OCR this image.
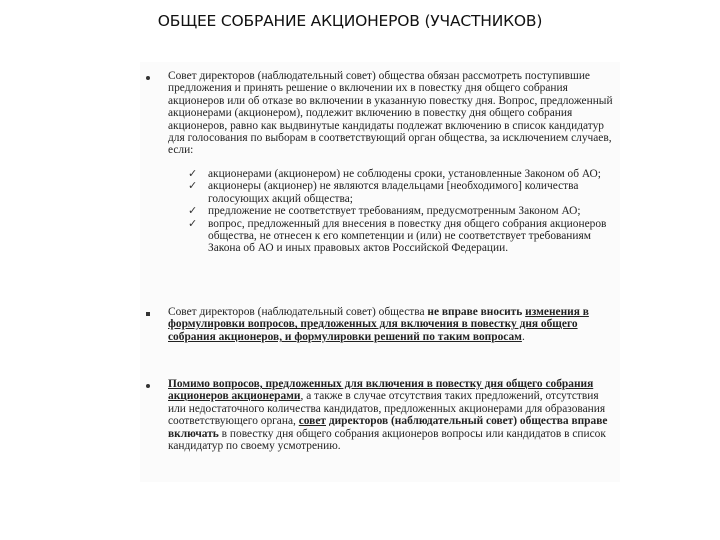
ОБЩЕЕ СОБРАНИЕ АКЦИОНЕРОВ (УЧАСТНИКОВ)
Совет директоров (наблюдательный совет) общества обязан рассмотреть поступившие предложения и принять решение о включении их в повестку дня общего собрания акционеров или об отказе во включении в указанную повестку дня. Вопрос, предложенный акционерами (акционером), подлежит включению в повестку дня общего собрания акционеров, равно как выдвинутые кандидаты подлежат включению в список кандидатур для голосования по выборам в соответствующий орган общества, за исключением случаев, если:
✓ акционерами (акционером) не соблюдены сроки, установленные Законом об АО;
✓ акционеры (акционер) не являются владельцами [необходимого] количества голосующих акций общества;
✓ предложение не соответствует требованиям, предусмотренным Законом АО;
✓ вопрос, предложенный для внесения в повестку дня общего собрания акционеров общества, не отнесен к его компетенции и (или) не соответствует требованиям Закона об АО и иных правовых актов Российской Федерации.
Совет директоров (наблюдательный совет) общества не вправе вносить изменения в формулировки вопросов, предложенных для включения в повестку дня общего собрания акционеров, и формулировки решений по таким вопросам.
Помимо вопросов, предложенных для включения в повестку дня общего собрания акционеров акционерами, а также в случае отсутствия таких предложений, отсутствия или недостаточного количества кандидатов, предложенных акционерами для образования соответствующего органа, совет директоров (наблюдательный совет) общества вправе включать в повестку дня общего собрания акционеров вопросы или кандидатов в список кандидатур по своему усмотрению.
